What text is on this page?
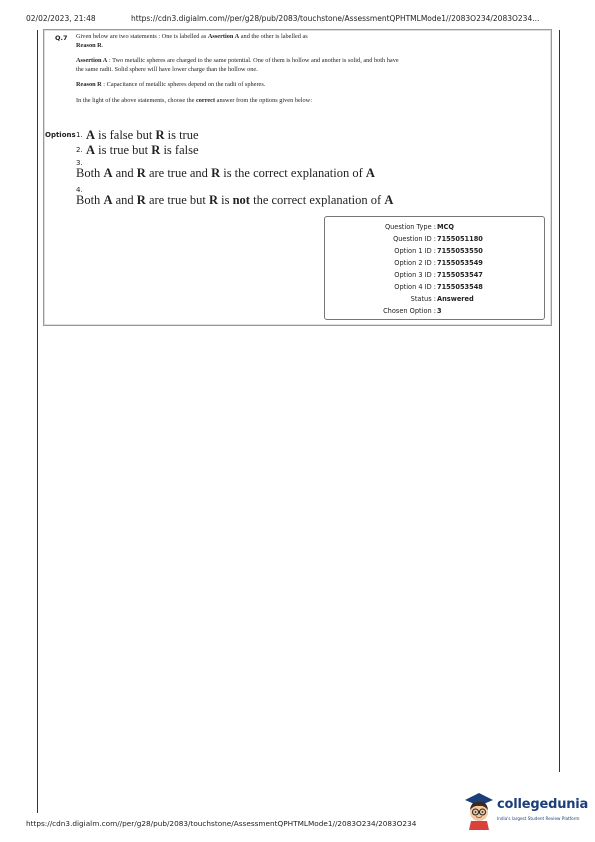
02/02/2023, 21:48	https://cdn3.digialm.com//per/g28/pub/2083/touchstone/AssessmentQPHTMLMode1//2083O234/2083O234...
Q.7 Given below are two statements : One is labelled as Assertion A and the other is labelled as
Reason R.

Assertion A : Two metallic spheres are charged to the same potential. One of them is hollow and another is solid, and both have the same radii. Solid sphere will have lower charge than the hollow one.

Reason R : Capacitance of metallic spheres depend on the radii of spheres.

In the light of the above statements, choose the correct answer from the options given below:

Options 1. A is false but R is true
2. A is true but R is false
3.
Both A and R are true and R is the correct explanation of A
4.
Both A and R are true but R is not the correct explanation of A
Question Type : MCQ
Question ID : 7155051180
Option 1 ID : 7155053550
Option 2 ID : 7155053549
Option 3 ID : 7155053547
Option 4 ID : 7155053548
Status : Answered
Chosen Option : 3
https://cdn3.digialm.com//per/g28/pub/2083/touchstone/AssessmentQPHTMLMode1//2083O234/2083O234
collegedunia
India's largest Student Review Platform
